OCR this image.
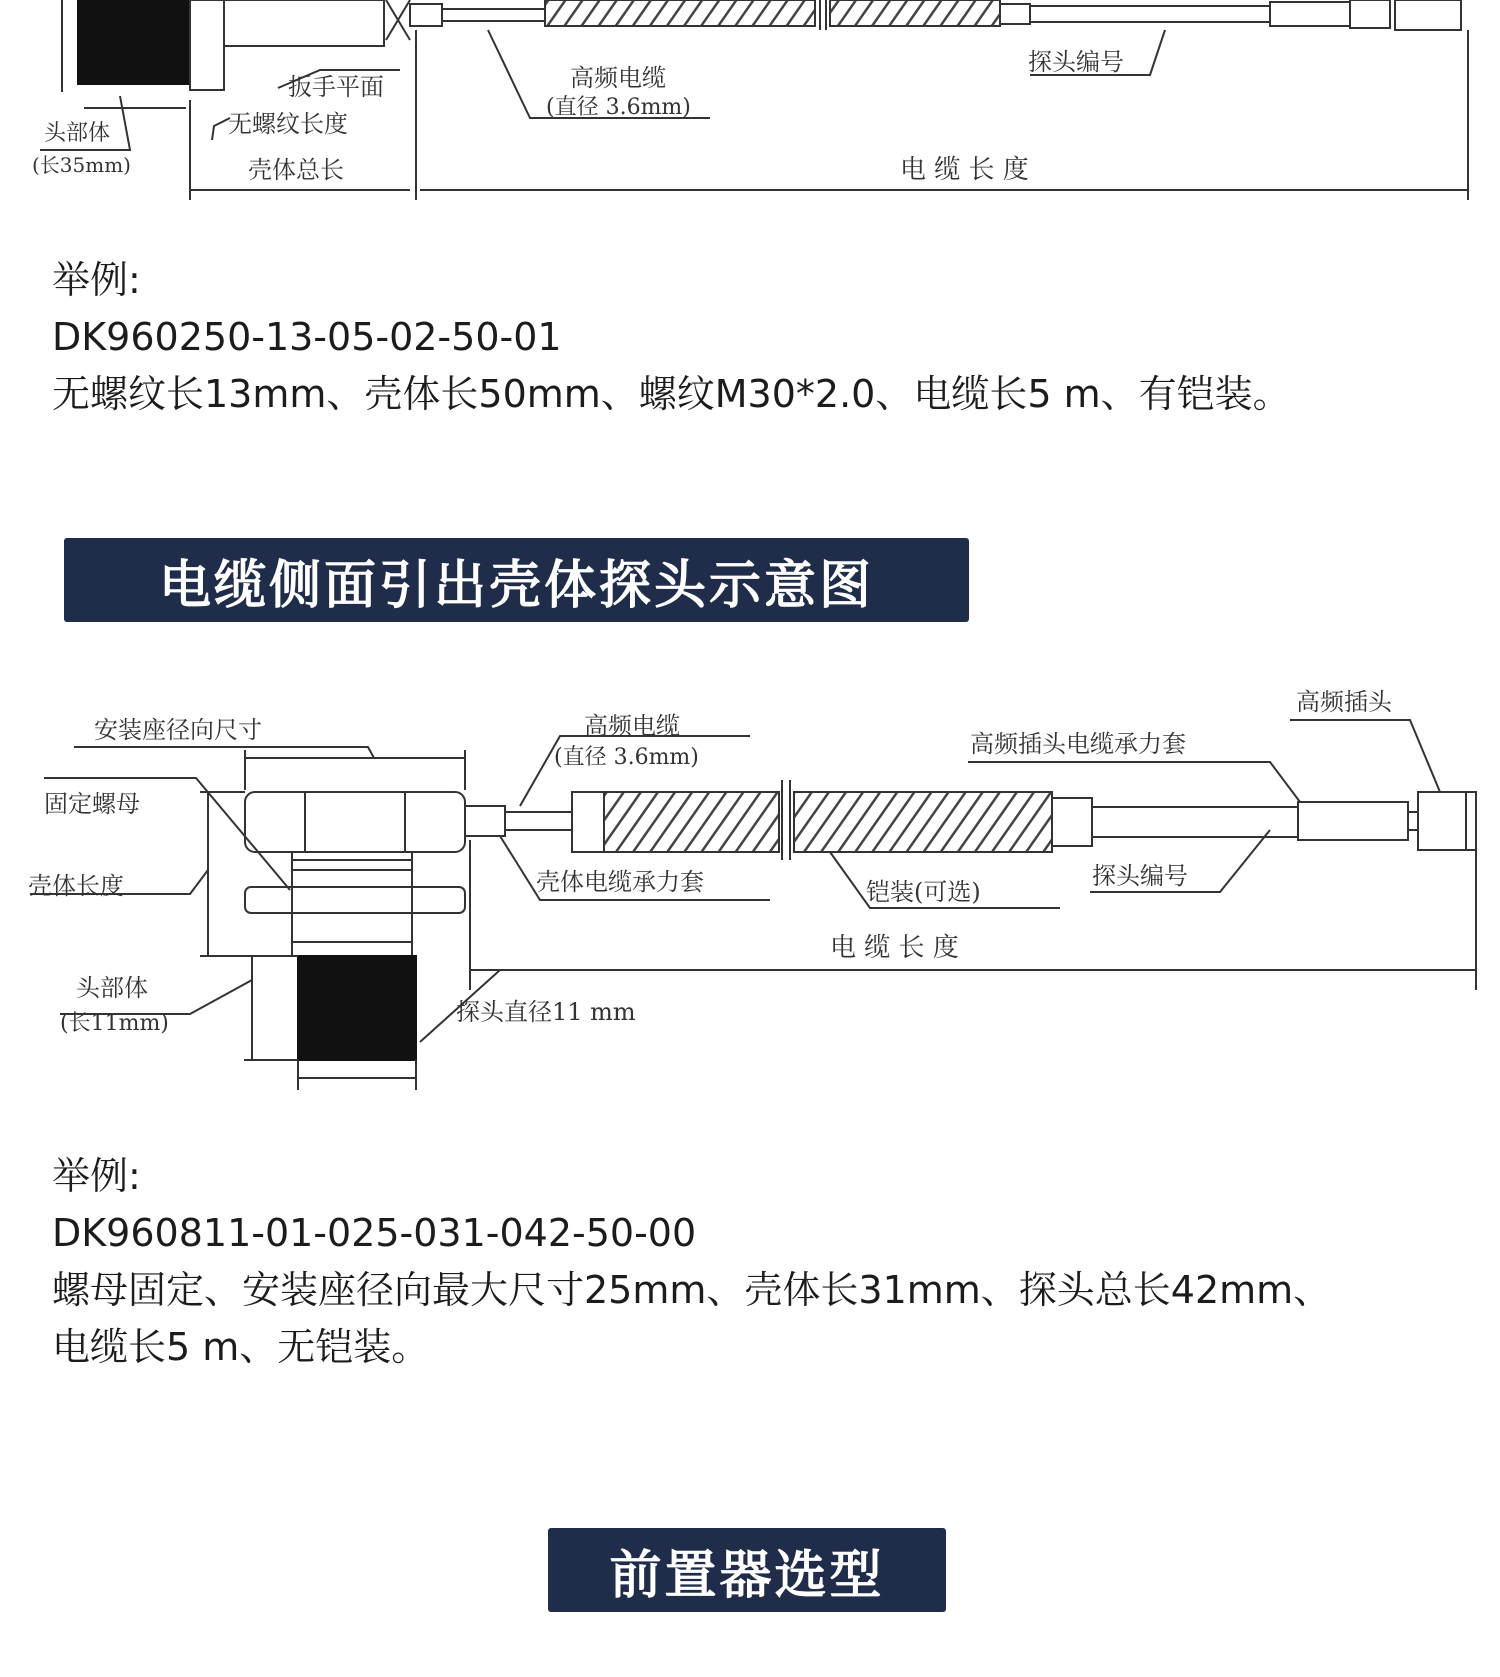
扳手平面
无螺纹长度
头部体
(长35mm)	壳体总长
高频电缆
(直径 3.6mm)
探头编号
电 缆 长 度
举例:
DK960250-13-05-02-50-01
无螺纹长13mm、壳体长50mm、螺纹M30*2.0、电缆长5 m、有铠装。
电缆侧面引出壳体探头示意图
安装座径向尺寸
固定螺母
壳体长度
头部体
(长11mm)	探头直径11 mm
高频电缆
(直径 3.6mm)
壳体电缆承力套	铠装(可选)
高频插头
高频插头电缆承力套
探头编号
电 缆 长 度
举例:
DK960811-01-025-031-042-50-00
螺母固定、安装座径向最大尺寸25mm、壳体长31mm、探头总长42mm、
电缆长5 m、无铠装。
前置器选型
